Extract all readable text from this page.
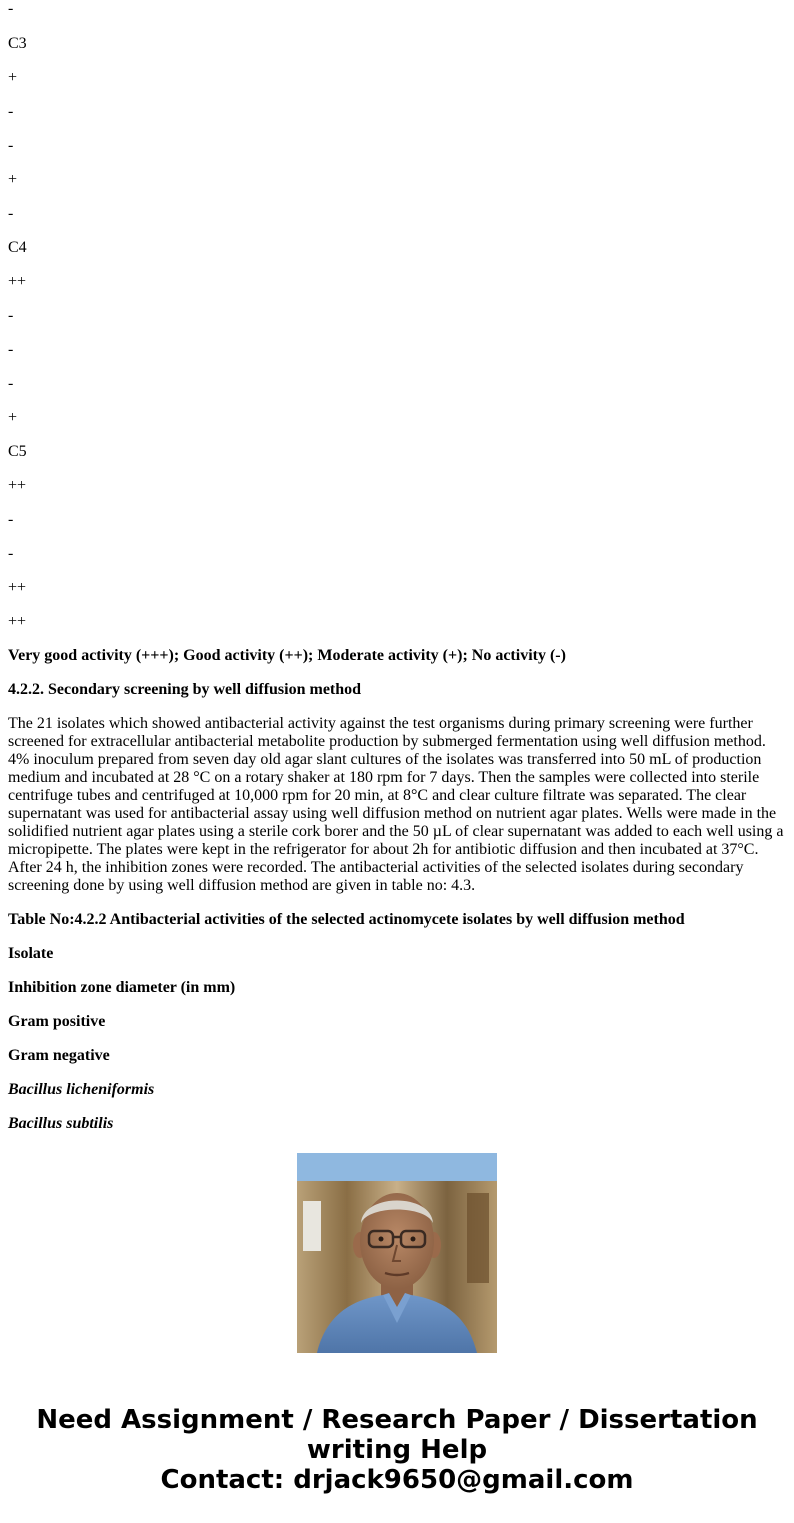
-

C3

+

-

-

+

-

C4

++

-

-

-

+

C5

++

-

-

++

++

Very good activity (+++); Good activity (++); Moderate activity (+); No activity (-)

4.2.2. Secondary screening by well diffusion method

The 21 isolates which showed antibacterial activity against the test organisms during primary screening were further screened for extracellular antibacterial metabolite production by submerged fermentation using well diffusion method. 4% inoculum prepared from seven day old agar slant cultures of the isolates was transferred into 50 mL of production medium and incubated at 28 °C on a rotary shaker at 180 rpm for 7 days. Then the samples were collected into sterile centrifuge tubes and centrifuged at 10,000 rpm for 20 min, at 8°C and clear culture filtrate was separated. The clear supernatant was used for antibacterial assay using well diffusion method on nutrient agar plates. Wells were made in the solidified nutrient agar plates using a sterile cork borer and the 50 µL of clear supernatant was added to each well using a micropipette. The plates were kept in the refrigerator for about 2h for antibiotic diffusion and then incubated at 37°C. After 24 h, the inhibition zones were recorded. The antibacterial activities of the selected isolates during secondary screening done by using well diffusion method are given in table no: 4.3.

Table No:4.2.2 Antibacterial activities of the selected actinomycete isolates by well diffusion method

Isolate

Inhibition zone diameter (in mm)

Gram positive

Gram negative

Bacillus licheniformis

Bacillus subtilis

Need Assignment / Research Paper / Dissertation
writing Help
Contact: drjack9650@gmail.com
